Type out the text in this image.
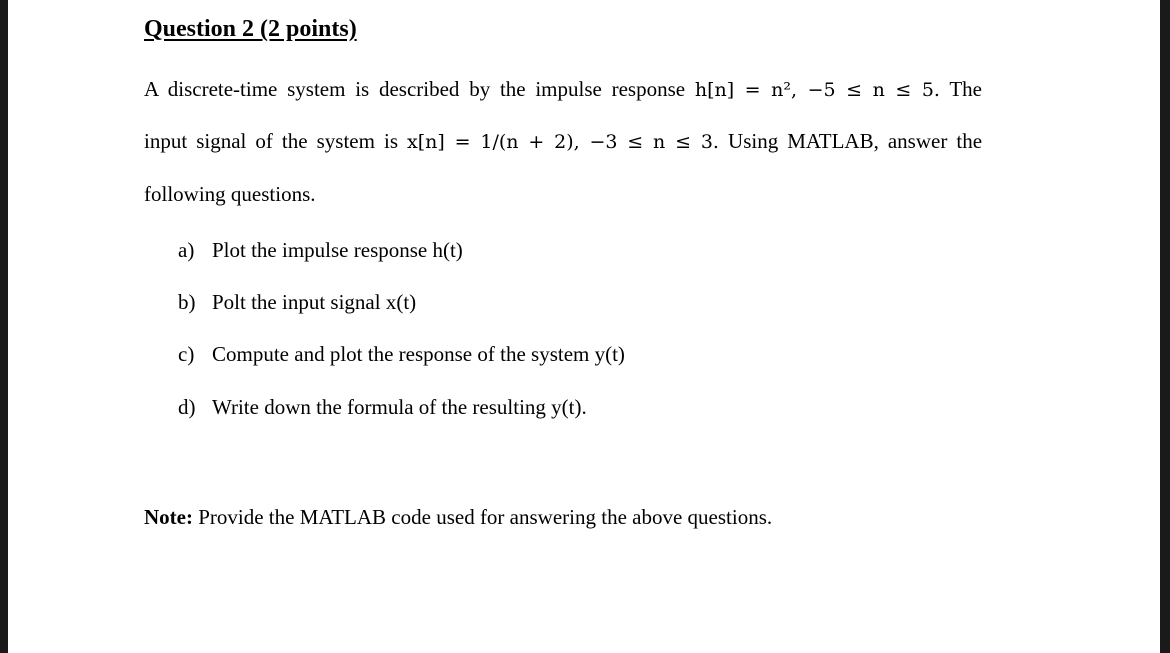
Question 2 (2 points)
A discrete-time system is described by the impulse response h[n] = n², −5 ≤ n ≤ 5. The
input signal of the system is x[n] = 1/(n + 2), −3 ≤ n ≤ 3. Using MATLAB, answer the
following questions.
a) Plot the impulse response h(t)
b) Polt the input signal x(t)
c) Compute and plot the response of the system y(t)
d) Write down the formula of the resulting y(t).
Note: Provide the MATLAB code used for answering the above questions.
